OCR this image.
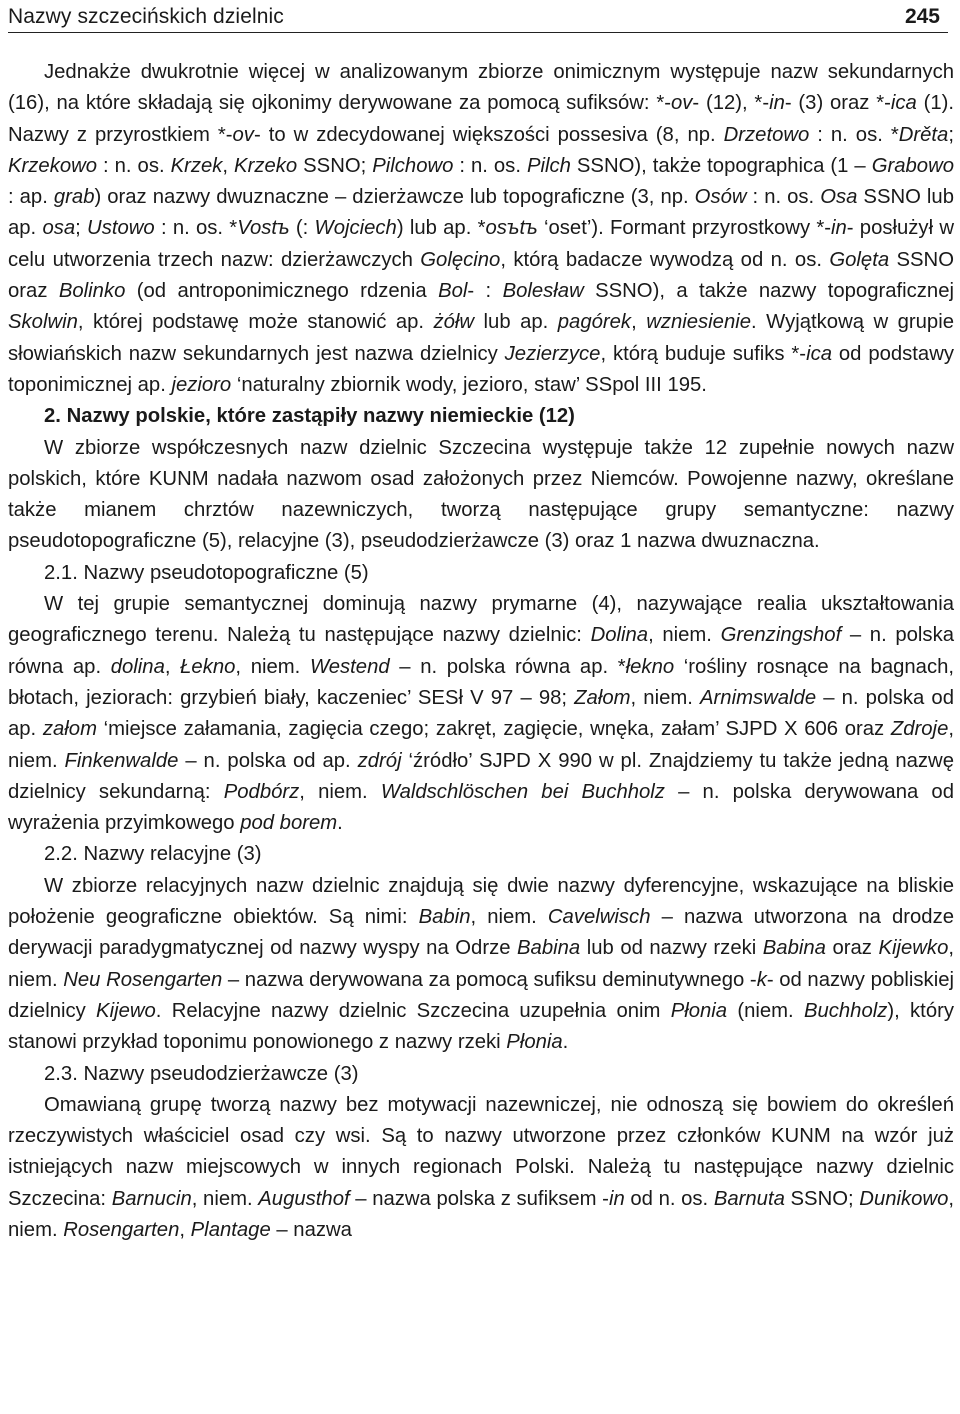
Nazwy szczecińskich dzielnic	245

Jednakże dwukrotnie więcej w analizowanym zbiorze onimicznym występuje nazw sekundarnych (16), na które składają się ojkonimy derywowane za pomocą sufiksów: *-ov- (12), *-in- (3) oraz *-ica (1). Nazwy z przyrostkiem *-ov- to w zdecydowanej większości possesiva (8, np. Drzetowo : n. os. *Drěta; Krzekowo : n. os. Krzek, Krzeko SSNO; Pilchowo : n. os. Pilch SSNO), także topographica (1 – Grabowo : ap. grab) oraz nazwy dwuznaczne – dzierżawcze lub topograficzne (3, np. Osów : n. os. Osa SSNO lub ap. osa; Ustowo : n. os. *Vostъ (: Wojciech) lub ap. *osъtъ ‘oset’). Formant przyrostkowy *-in- posłużył w celu utworzenia trzech nazw: dzierżawczych Golęcino, którą badacze wywodzą od n. os. Golęta SSNO oraz Bolinko (od antroponimicznego rdzenia Bol- : Bolesław SSNO), a także nazwy topograficznej Skolwin, której podstawę może stanowić ap. żółw lub ap. pagórek, wzniesienie. Wyjątkową w grupie słowiańskich nazw sekundarnych jest nazwa dzielnicy Jezierzyce, którą buduje sufiks *-ica od podstawy toponimicznej ap. jezioro ‘naturalny zbiornik wody, jezioro, staw’ SSpol III 195.

2. Nazwy polskie, które zastąpiły nazwy niemieckie (12)

W zbiorze współczesnych nazw dzielnic Szczecina występuje także 12 zupełnie nowych nazw polskich, które KUNM nadała nazwom osad założonych przez Niemców. Powojenne nazwy, określane także mianem chrztów nazewniczych, tworzą następujące grupy semantyczne: nazwy pseudotopograficzne (5), relacyjne (3), pseudodzierżawcze (3) oraz 1 nazwa dwuznaczna.

2.1. Nazwy pseudotopograficzne (5)

W tej grupie semantycznej dominują nazwy prymarne (4), nazywające realia ukształtowania geograficznego terenu. Należą tu następujące nazwy dzielnic: Dolina, niem. Grenzingshof – n. polska równa ap. dolina, Łekno, niem. Westend – n. polska równa ap. *łekno ‘rośliny rosnące na bagnach, błotach, jeziorach: grzybień biały, kaczeniec’ SESł V 97 – 98; Załom, niem. Arnimswalde – n. polska od ap. załom ‘miejsce załamania, zagięcia czego; zakręt, zagięcie, wnęka, załam’ SJPD X 606 oraz Zdroje, niem. Finkenwalde – n. polska od ap. zdrój ‘źródło’ SJPD X 990 w pl. Znajdziemy tu także jedną nazwę dzielnicy sekundarną: Podbórz, niem. Waldschlöschen bei Buchholz – n. polska derywowana od wyrażenia przyimkowego pod borem.

2.2. Nazwy relacyjne (3)

W zbiorze relacyjnych nazw dzielnic znajdują się dwie nazwy dyferencyjne, wskazujące na bliskie położenie geograficzne obiektów. Są nimi: Babin, niem. Cavelwisch – nazwa utworzona na drodze derywacji paradygmatycznej od nazwy wyspy na Odrze Babina lub od nazwy rzeki Babina oraz Kijewko, niem. Neu Rosengarten – nazwa derywowana za pomocą sufiksu deminutywnego -k- od nazwy pobliskiej dzielnicy Kijewo. Relacyjne nazwy dzielnic Szczecina uzupełnia onim Płonia (niem. Buchholz), który stanowi przykład toponimu ponowionego z nazwy rzeki Płonia.

2.3. Nazwy pseudodzierżawcze (3)

Omawianą grupę tworzą nazwy bez motywacji nazewniczej, nie odnoszą się bowiem do określeń rzeczywistych właściciel osad czy wsi. Są to nazwy utworzone przez członków KUNM na wzór już istniejących nazw miejscowych w innych regionach Polski. Należą tu następujące nazwy dzielnic Szczecina: Barnucin, niem. Augusthof – nazwa polska z sufiksem -in od n. os. Barnuta SSNO; Dunikowo, niem. Rosengarten, Plantage – nazwa
